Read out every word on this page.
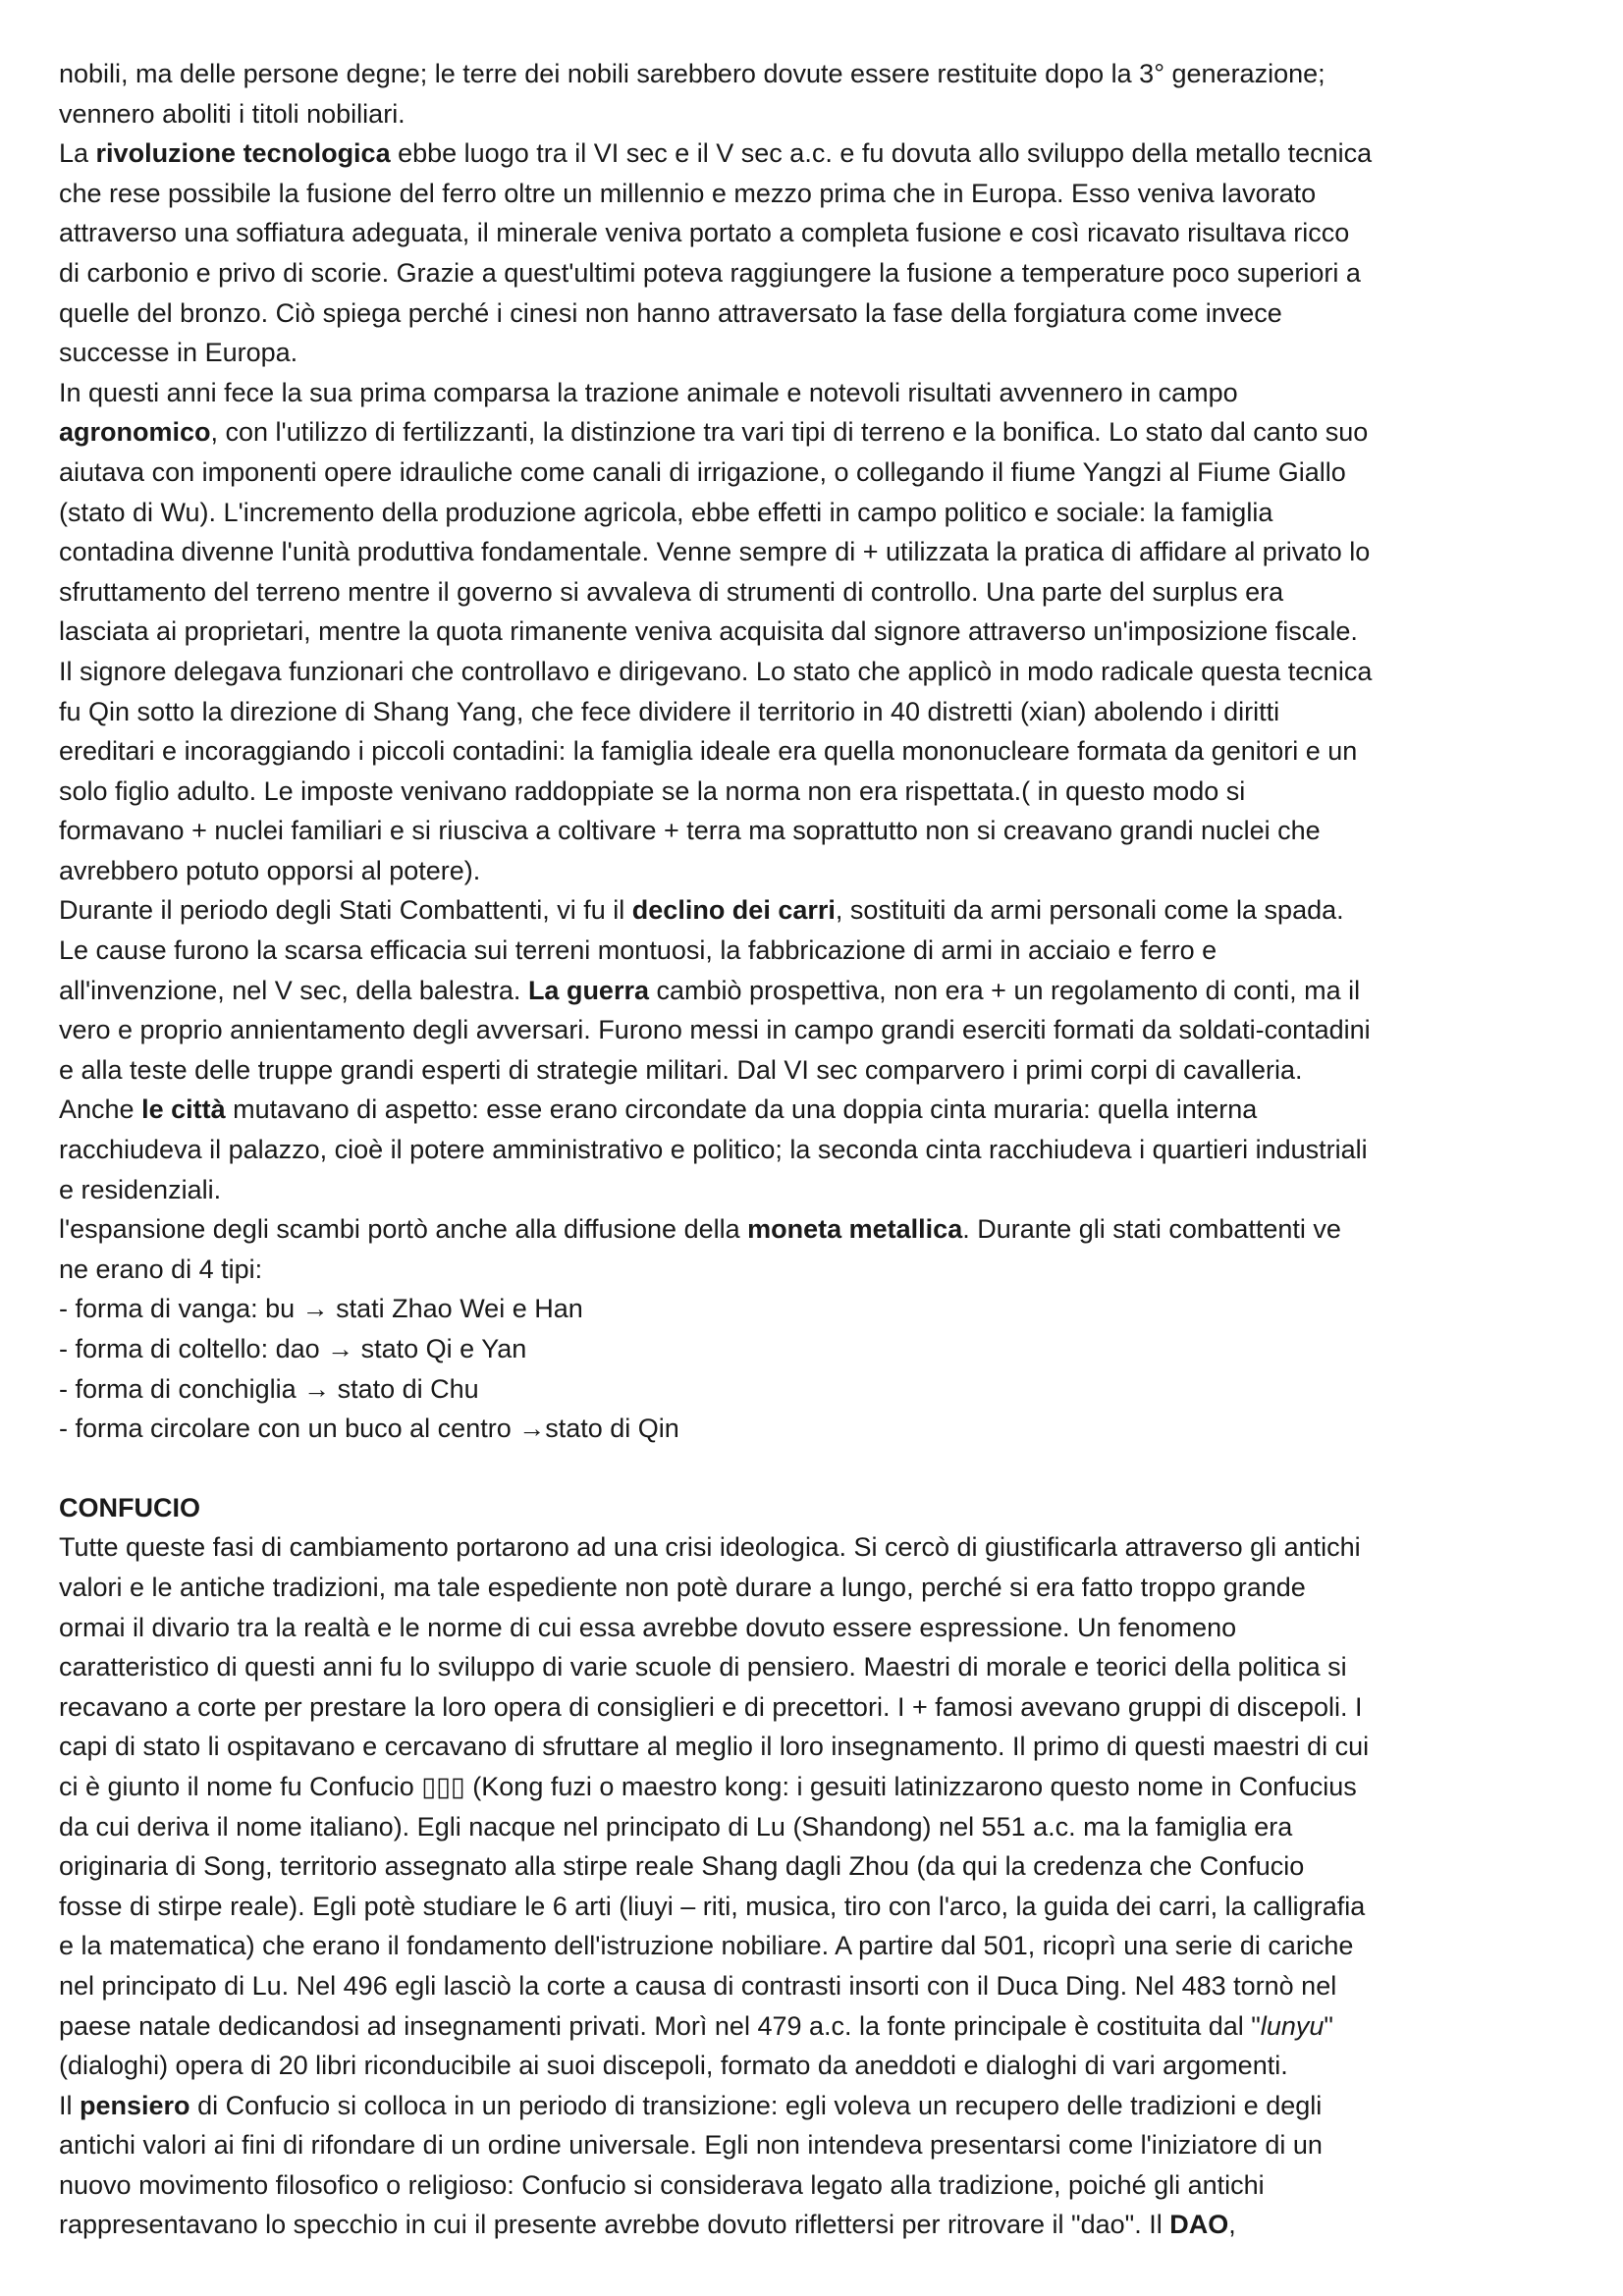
nobili, ma delle persone degne; le terre dei nobili sarebbero dovute essere restituite dopo la 3° generazione;
vennero aboliti i titoli nobiliari.
La rivoluzione tecnologica ebbe luogo tra il VI sec e il V sec a.c. e fu dovuta allo sviluppo della metallo tecnica
che rese possibile la fusione del ferro oltre un millennio e mezzo prima che in Europa. Esso veniva lavorato
attraverso una soffiatura adeguata, il minerale veniva portato a completa fusione e così ricavato risultava ricco
di carbonio e privo di scorie. Grazie a quest'ultimi poteva raggiungere la fusione a temperature poco superiori a
quelle del bronzo. Ciò spiega perché i cinesi non hanno attraversato la fase della forgiatura come invece
successe in Europa.
In questi anni fece la sua prima comparsa la trazione animale e notevoli risultati avvennero in campo
agronomico, con l'utilizzo di fertilizzanti, la distinzione tra vari tipi di terreno e la bonifica. Lo stato dal canto suo
aiutava con imponenti opere idrauliche come canali di irrigazione, o collegando il fiume Yangzi al Fiume Giallo
(stato di Wu). L'incremento della produzione agricola, ebbe effetti in campo politico e sociale: la famiglia
contadina divenne l'unità produttiva fondamentale. Venne sempre di + utilizzata la pratica di affidare al privato lo
sfruttamento del terreno mentre il governo si avvaleva di strumenti di controllo. Una parte del surplus era
lasciata ai proprietari, mentre la quota rimanente veniva acquisita dal signore attraverso un'imposizione fiscale.
Il signore delegava funzionari che controllavo e dirigevano. Lo stato che applicò in modo radicale questa tecnica
fu Qin sotto la direzione di Shang Yang, che fece dividere il territorio in 40 distretti (xian) abolendo i diritti
ereditari e incoraggiando i piccoli contadini: la famiglia ideale era quella mononucleare formata da genitori e un
solo figlio adulto. Le imposte venivano raddoppiate se la norma non era rispettata.( in questo modo si
formavano + nuclei familiari e si riusciva a coltivare + terra ma soprattutto non si creavano grandi nuclei che
avrebbero potuto opporsi al potere).
Durante il periodo degli Stati Combattenti, vi fu il declino dei carri, sostituiti da armi personali come la spada.
Le cause furono la scarsa efficacia sui terreni montuosi, la fabbricazione di armi in acciaio e ferro e
all'invenzione, nel V sec, della balestra. La guerra cambiò prospettiva, non era + un regolamento di conti, ma il
vero e proprio annientamento degli avversari. Furono messi in campo grandi eserciti formati da soldati-contadini
e alla teste delle truppe grandi esperti di strategie militari. Dal VI sec comparvero i primi corpi di cavalleria.
Anche le città mutavano di aspetto: esse erano circondate da una doppia cinta muraria: quella interna
racchiudeva il palazzo, cioè il potere amministrativo e politico; la seconda cinta racchiudeva i quartieri industriali
e residenziali.
l'espansione degli scambi portò anche alla diffusione della moneta metallica. Durante gli stati combattenti ve
ne erano di 4 tipi:
- forma di vanga: bu → stati Zhao Wei e Han
- forma di coltello: dao → stato Qi e Yan
- forma di conchiglia → stato di Chu
- forma circolare con un buco al centro →stato di Qin
CONFUCIO
Tutte queste fasi di cambiamento portarono ad una crisi ideologica. Si cercò di giustificarla attraverso gli antichi
valori e le antiche tradizioni, ma tale espediente non potè durare a lungo, perché si era fatto troppo grande
ormai il divario tra la realtà e le norme di cui essa avrebbe dovuto essere espressione. Un fenomeno
caratteristico di questi anni fu lo sviluppo di varie scuole di pensiero. Maestri di morale e teorici della politica si
recavano a corte per prestare la loro opera di consiglieri e di precettori. I + famosi avevano gruppi di discepoli. I
capi di stato li ospitavano e cercavano di sfruttare al meglio il loro insegnamento. Il primo di questi maestri di cui
ci è giunto il nome fu Confucio ▯▯▯ (Kong fuzi o maestro kong: i gesuiti latinizzarono questo nome in Confucius
da cui deriva il nome italiano). Egli nacque nel principato di Lu (Shandong) nel 551 a.c. ma la famiglia era
originaria di Song, territorio assegnato alla stirpe reale Shang dagli Zhou (da qui la credenza che Confucio
fosse di stirpe reale). Egli potè studiare le 6 arti (liuyi – riti, musica, tiro con l'arco, la guida dei carri, la calligrafia
e la matematica) che erano il fondamento dell'istruzione nobiliare. A partire dal 501, ricoprì una serie di cariche
nel principato di Lu. Nel 496 egli lasciò la corte a causa di contrasti insorti con il Duca Ding. Nel 483 tornò nel
paese natale dedicandosi ad insegnamenti privati. Morì nel 479 a.c. la fonte principale è costituita dal "lunyu"
(dialoghi) opera di 20 libri riconducibile ai suoi discepoli, formato da aneddoti e dialoghi di vari argomenti.
Il pensiero di Confucio si colloca in un periodo di transizione: egli voleva un recupero delle tradizioni e degli
antichi valori ai fini di rifondare di un ordine universale. Egli non intendeva presentarsi come l'iniziatore di un
nuovo movimento filosofico o religioso: Confucio si considerava legato alla tradizione, poiché gli antichi
rappresentavano lo specchio in cui il presente avrebbe dovuto riflettersi per ritrovare il "dao". Il DAO,
